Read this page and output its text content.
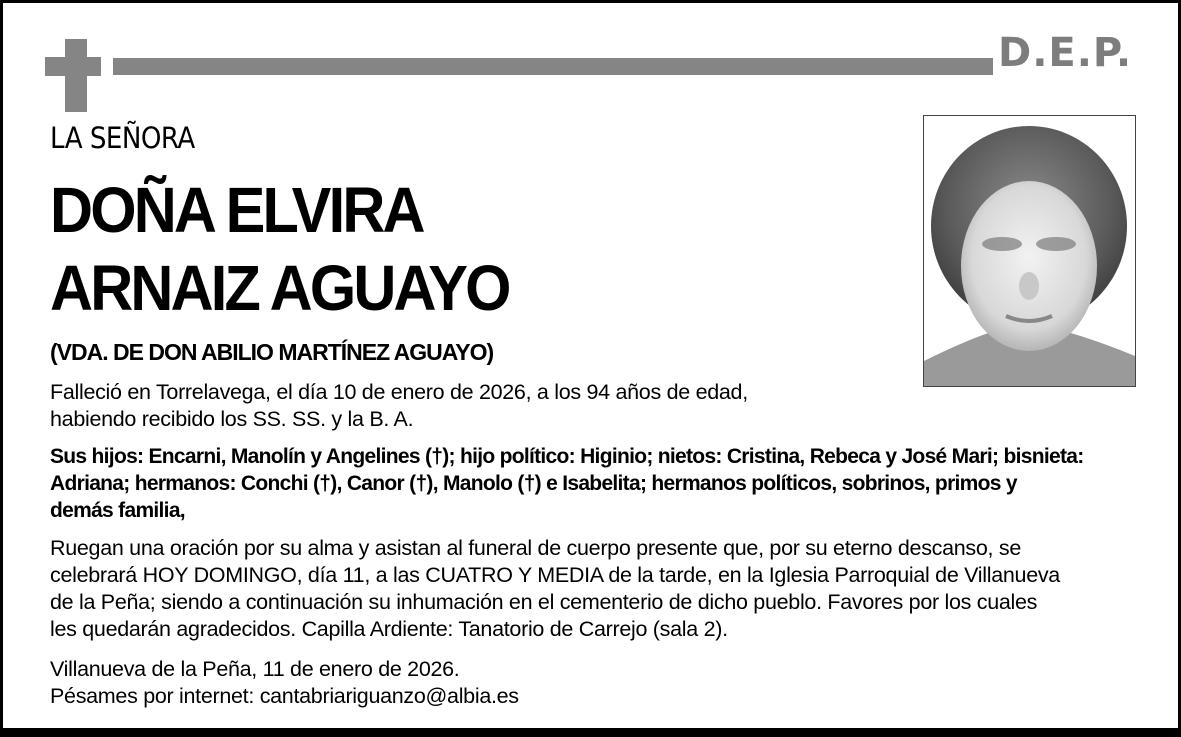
D.E.P.
LA SEÑORA
DOÑA ELVIRA
ARNAIZ AGUAYO
(VDA. DE DON ABILIO MARTÍNEZ AGUAYO)
Falleció en Torrelavega, el día 10 de enero de 2026, a los 94 años de edad,
habiendo recibido los SS. SS. y la B. A.
Sus hijos: Encarni, Manolín y Angelines (†); hijo político: Higinio; nietos: Cristina, Rebeca y José Mari; bisnieta:
Adriana; hermanos: Conchi (†), Canor (†), Manolo (†) e Isabelita; hermanos políticos, sobrinos, primos y
demás familia,
Ruegan una oración por su alma y asistan al funeral de cuerpo presente que, por su eterno descanso, se
celebrará HOY DOMINGO, día 11, a las CUATRO Y MEDIA de la tarde, en la Iglesia Parroquial de Villanueva
de la Peña; siendo a continuación su inhumación en el cementerio de dicho pueblo. Favores por los cuales
les quedarán agradecidos. Capilla Ardiente: Tanatorio de Carrejo (sala 2).
Villanueva de la Peña, 11 de enero de 2026.
Pésames por internet: cantabriariguanzo@albia.es
